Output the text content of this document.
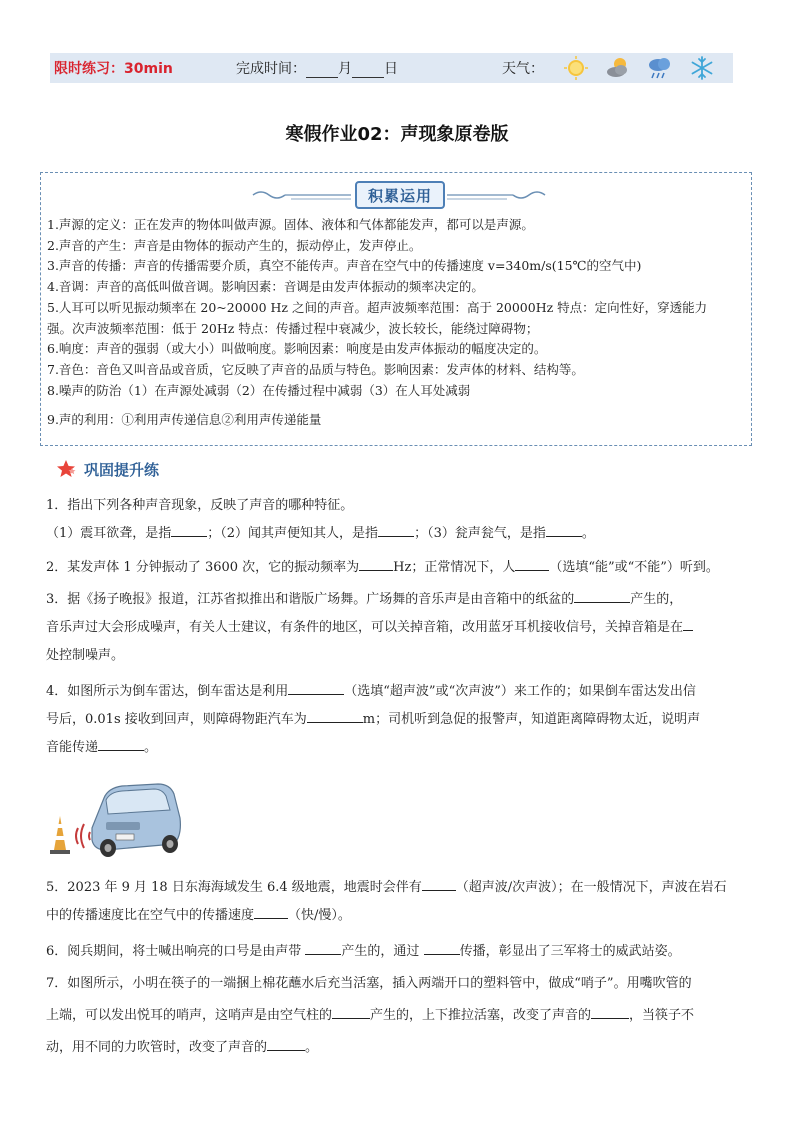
限时练习：30min	完成时间： 月 日	天气：
寒假作业02：声现象原卷版
积累运用

1.声源的定义：正在发声的物体叫做声源。固体、液体和气体都能发声，都可以是声源。

2.声音的产生：声音是由物体的振动产生的，振动停止，发声停止。

3.声音的传播：声音的传播需要介质，真空不能传声。声音在空气中的传播速度 v=340m/s(15℃的空气中)

4.音调：声音的高低叫做音调。影响因素：音调是由发声体振动的频率决定的。

5.人耳可以听见振动频率在 20~20000 Hz 之间的声音。超声波频率范围：高于 20000Hz 特点：定向性好，穿透能力

强。次声波频率范围：低于 20Hz 特点：传播过程中衰减少，波长较长，能绕过障碍物；

6.响度：声音的强弱（或大小）叫做响度。影响因素：响度是由发声体振动的幅度决定的。

7.音色：音色又叫音品或音质，它反映了声音的品质与特色。影响因素：发声体的材料、结构等。

8.噪声的防治（1）在声源处减弱（2）在传播过程中减弱（3）在人耳处减弱

9.声的利用：①利用声传递信息②利用声传递能量

巩固提升练

1．指出下列各种声音现象，反映了声音的哪种特征。

（1）震耳欲聋，是指	；（2）闻其声便知其人，是指	；（3）瓮声瓮气，是指	。

2．某发声体 1 分钟振动了 3600 次，它的振动频率为	Hz；正常情况下，人	（选填“能”或“不能”）听到。

3．据《扬子晚报》报道，江苏省拟推出和谐版广场舞。广场舞的音乐声是由音箱中的纸盆的	产生的，

音乐声过大会形成噪声，有关人士建议，有条件的地区，可以关掉音箱，改用蓝牙耳机接收信号，关掉音箱是在

处控制噪声。

4．如图所示为倒车雷达，倒车雷达是利用	（选填“超声波”或“次声波”）来工作的；如果倒车雷达发出信

号后，0.01s 接收到回声，则障碍物距汽车为	m；司机听到急促的报警声，知道距离障碍物太近，说明声

音能传递	。

5．2023 年 9 月 18 日东海海域发生 6.4 级地震，地震时会伴有	（超声波/次声波）；在一般情况下，声波在岩石

中的传播速度比在空气中的传播速度	（快/慢）。

6．阅兵期间，将士喊出响亮的口号是由声带	产生的，通过	传播，彰显出了三军将士的威武站姿。

7．如图所示，小明在筷子的一端捆上棉花蘸水后充当活塞，插入两端开口的塑料管中，做成“哨子”。用嘴吹管的

上端，可以发出悦耳的哨声，这哨声是由空气柱的	产生的，上下推拉活塞，改变了声音的	，当筷子不

动，用不同的力吹管时，改变了声音的	。
